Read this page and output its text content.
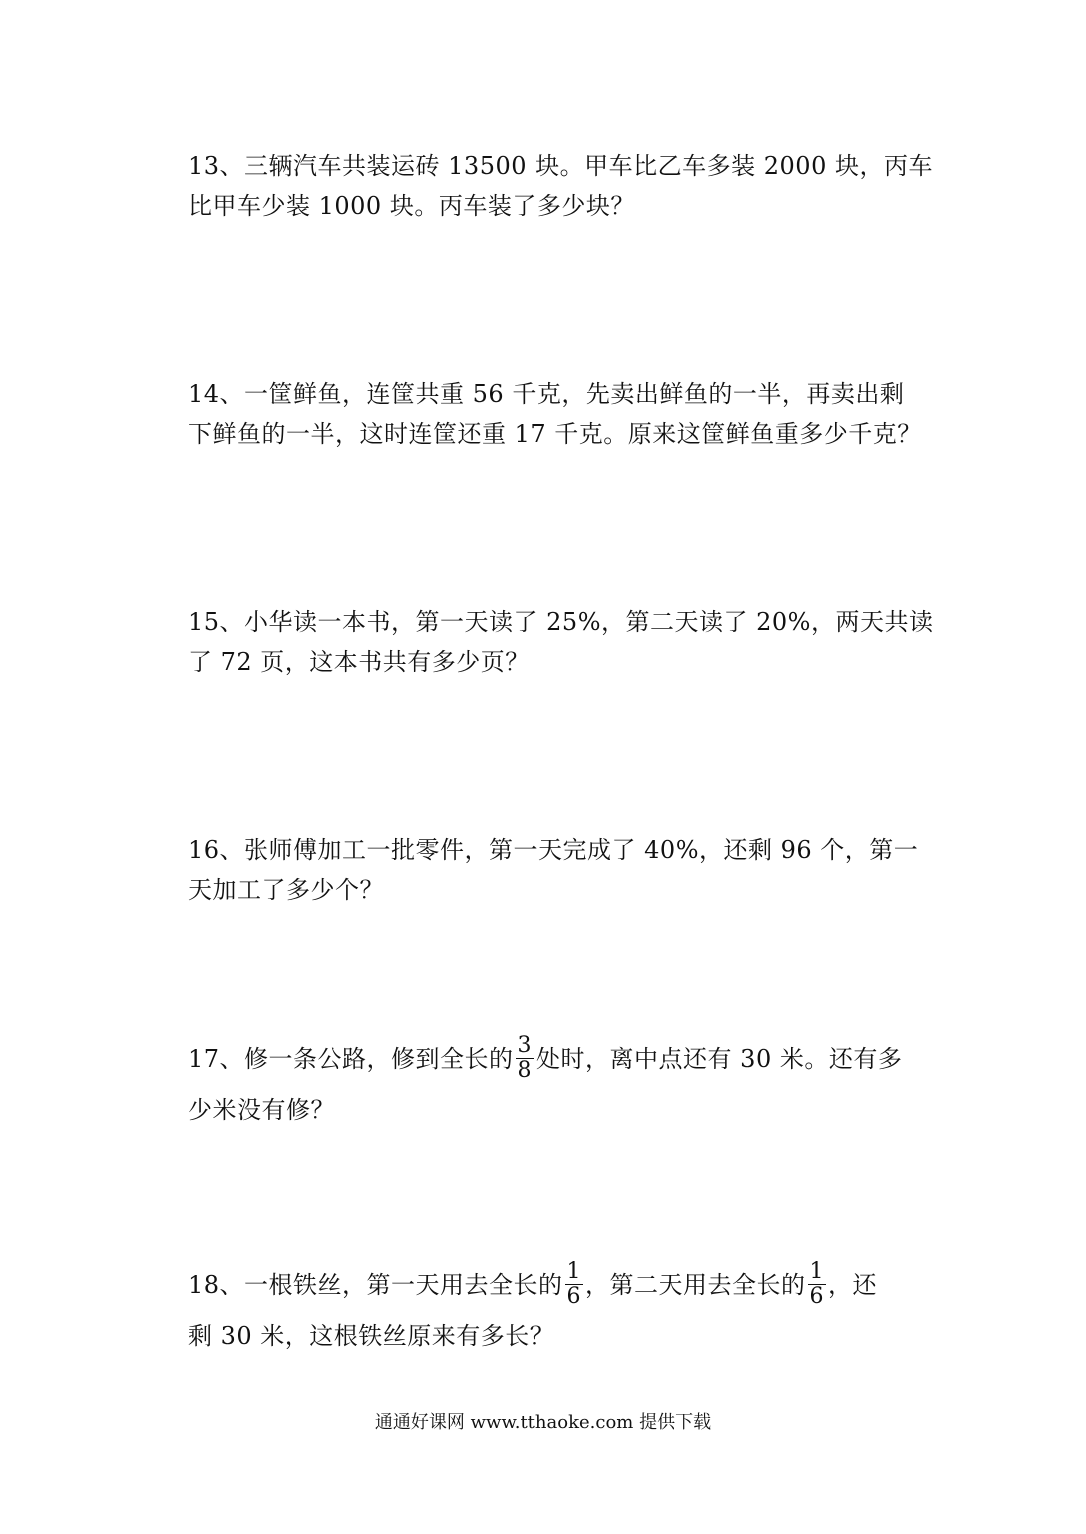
13、三辆汽车共装运砖 13500 块。甲车比乙车多装 2000 块，丙车
比甲车少装 1000 块。丙车装了多少块？
14、一筐鲜鱼，连筐共重 56 千克，先卖出鲜鱼的一半，再卖出剩
下鲜鱼的一半，这时连筐还重 17 千克。原来这筐鲜鱼重多少千克？
15、小华读一本书，第一天读了 25%，第二天读了 20%，两天共读
了 72 页，这本书共有多少页？
16、张师傅加工一批零件，第一天完成了 40%，还剩 96 个，第一
天加工了多少个？
17、修一条公路，修到全长的 $\frac{3}{8}$ 处时，离中点还有 30 米。还有多
少米没有修？
18、一根铁丝，第一天用去全长的 $\frac{1}{6}$ ，第二天用去全长的 $\frac{1}{6}$ ，还
剩 30 米，这根铁丝原来有多长？
通通好课网 www.tthaoke.com 提供下载
